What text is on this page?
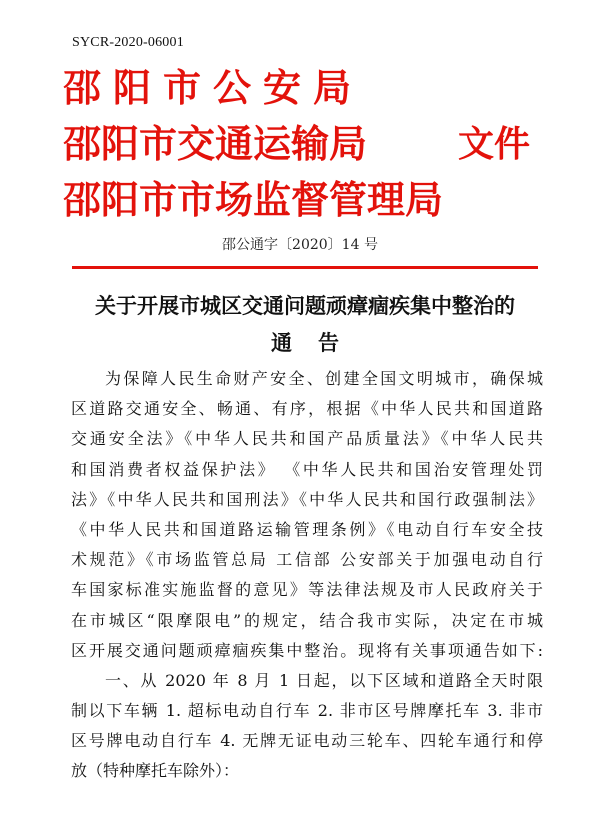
SYCR-2020-06001
邵阳市公安局
邵阳市交通运输局	文件
邵阳市市场监督管理局
邵公通字〔2020〕14 号
关于开展市城区交通问题顽瘴痼疾集中整治的
通告
为保障人民生命财产安全、创建全国文明城市，确保城
区道路交通安全、畅通、有序，根据《中华人民共和国道路
交通安全法》《中华人民共和国产品质量法》《中华人民共
和国消费者权益保护法》 《中华人民共和国治安管理处罚
法》《中华人民共和国刑法》《中华人民共和国行政强制法》
《中华人民共和国道路运输管理条例》《电动自行车安全技
术规范》《市场监管总局 工信部 公安部关于加强电动自行
车国家标准实施监督的意见》等法律法规及市人民政府关于
在市城区“限摩限电”的规定，结合我市实际，决定在市城
区开展交通问题顽瘴痼疾集中整治。现将有关事项通告如下:
一、从 2020 年 8 月 1 日起，以下区域和道路全天时限
制以下车辆 1. 超标电动自行车 2. 非市区号牌摩托车 3. 非市
区号牌电动自行车 4. 无牌无证电动三轮车、四轮车通行和停
放（特种摩托车除外）：
